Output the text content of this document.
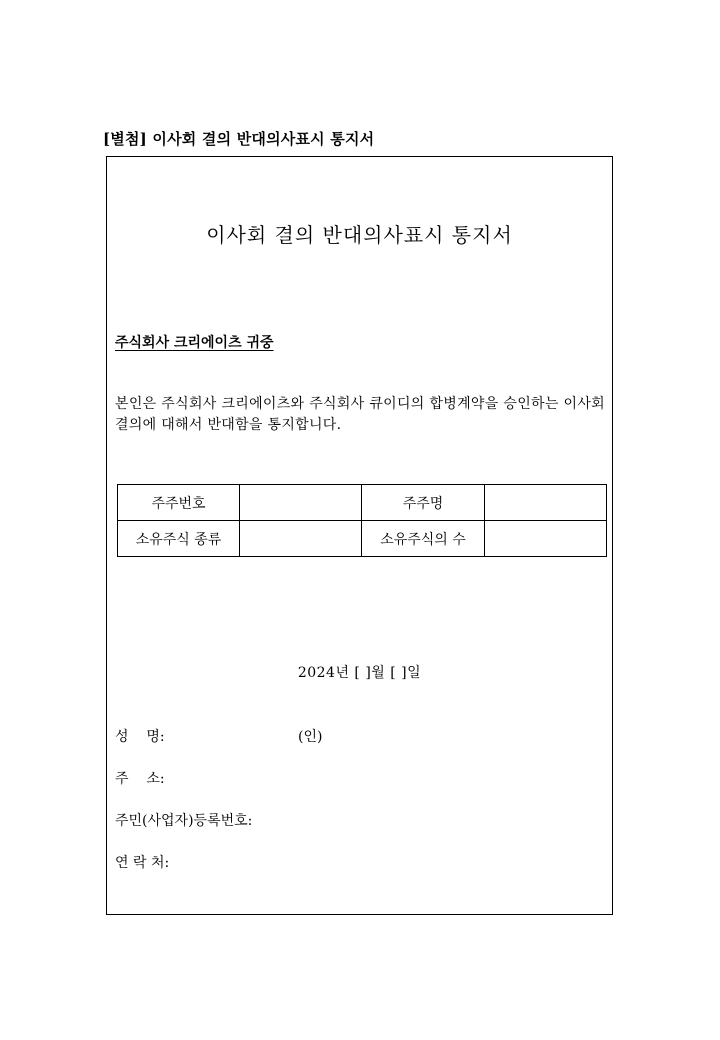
[별첨] 이사회 결의 반대의사표시 통지서
이사회 결의 반대의사표시 통지서
주식회사 크리에이츠 귀중
본인은 주식회사 크리에이츠와 주식회사 큐이디의 합병계약을 승인하는 이사회 결의에 대해서 반대함을 통지합니다.
주주번호		주주명	
소유주식 종류		소유주식의 수	
2024년 [ ]월 [ ]일
성    명:	(인)
주    소:
주민(사업자)등록번호:
연 락 처:
